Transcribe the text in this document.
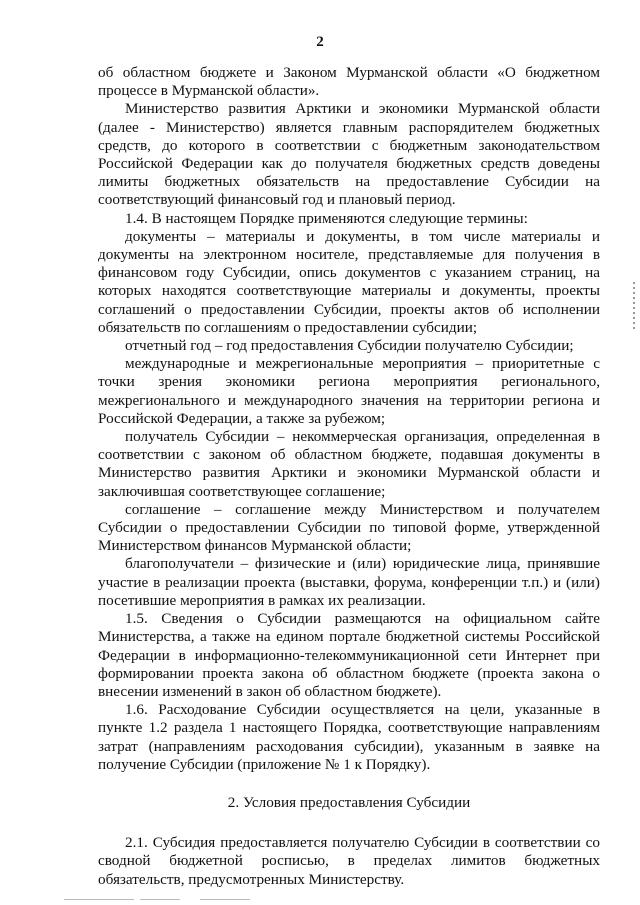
2

об областном бюджете и Законом Мурманской области «О бюджетном процессе в Мурманской области».

Министерство развития Арктики и экономики Мурманской области (далее - Министерство) является главным распорядителем бюджетных средств, до которого в соответствии с бюджетным законодательством Российской Федерации как до получателя бюджетных средств доведены лимиты бюджетных обязательств на предоставление Субсидии на соответствующий финансовый год и плановый период.

1.4. В настоящем Порядке применяются следующие термины:

документы – материалы и документы, в том числе материалы и документы на электронном носителе, представляемые для получения в финансовом году Субсидии, опись документов с указанием страниц, на которых находятся соответствующие материалы и документы, проекты соглашений о предоставлении Субсидии, проекты актов об исполнении обязательств по соглашениям о предоставлении субсидии;

отчетный год – год предоставления Субсидии получателю Субсидии;

международные и межрегиональные мероприятия – приоритетные с точки зрения экономики региона мероприятия регионального, межрегионального и международного значения на территории региона и Российской Федерации, а также за рубежом;

получатель Субсидии – некоммерческая организация, определенная в соответствии с законом об областном бюджете, подавшая документы в Министерство развития Арктики и экономики Мурманской области и заключившая соответствующее соглашение;

соглашение – соглашение между Министерством и получателем Субсидии о предоставлении Субсидии по типовой форме, утвержденной Министерством финансов Мурманской области;

благополучатели – физические и (или) юридические лица, принявшие участие в реализации проекта (выставки, форума, конференции т.п.) и (или) посетившие мероприятия в рамках их реализации.

1.5. Сведения о Субсидии размещаются на официальном сайте Министерства, а также на едином портале бюджетной системы Российской Федерации в информационно-телекоммуникационной сети Интернет при формировании проекта закона об областном бюджете (проекта закона о внесении изменений в закон об областном бюджете).

1.6. Расходование Субсидии осуществляется на цели, указанные в пункте 1.2 раздела 1 настоящего Порядка, соответствующие направлениям затрат (направлениям расходования субсидии), указанным в заявке на получение Субсидии (приложение № 1 к Порядку).

2. Условия предоставления Субсидии

2.1. Субсидия предоставляется получателю Субсидии в соответствии со сводной бюджетной росписью, в пределах лимитов бюджетных обязательств, предусмотренных Министерству.
